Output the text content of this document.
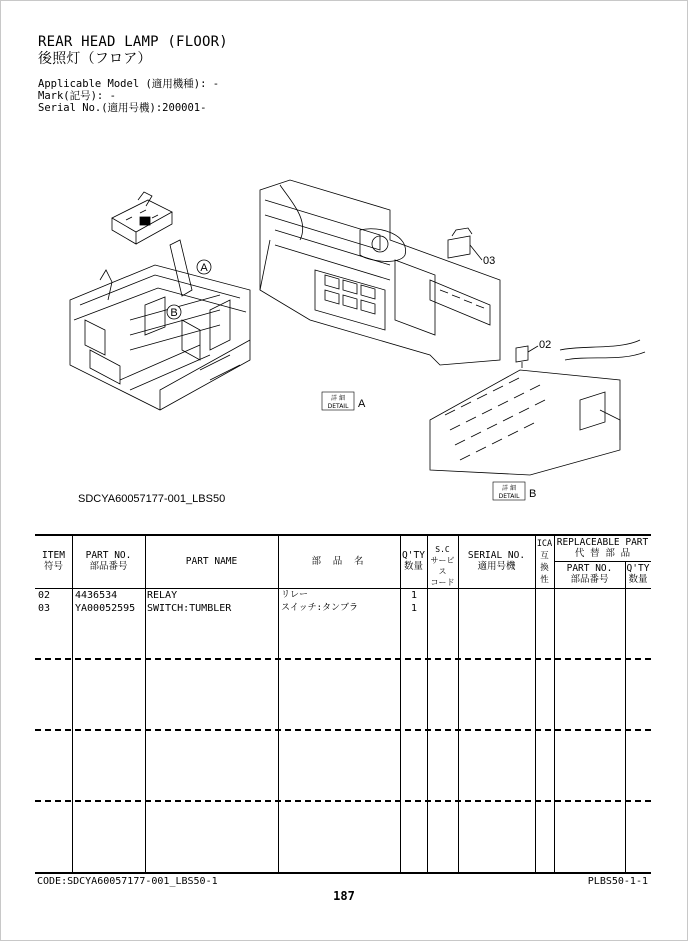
REAR HEAD LAMP (FLOOR)
後照灯（フロア）
Applicable Model (適用機種): -
Mark(記号): -
Serial No.(適用号機):200001-
A
B
03
02
詳 細
DETAIL A
詳 細
DETAIL B
SDCYA60057177-001_LBS50
ITEM
符号
PART NO.
部品番号	PART NAME	部 品 名
Q'TY
数量
S.C
サービス
コード
SERIAL NO.
適用号機
ICA
互
換
性
REPLACEABLE PART
代 替 部 品
PART NO.
部品番号
Q'TY
数量
02 4436534	RELAY	リレー	1
03 YA00052595 SWITCH:TUMBLER	スイッチ:タンブラ	1
CODE:SDCYA60057177-001_LBS50-1
187
PLBS50-1-1
